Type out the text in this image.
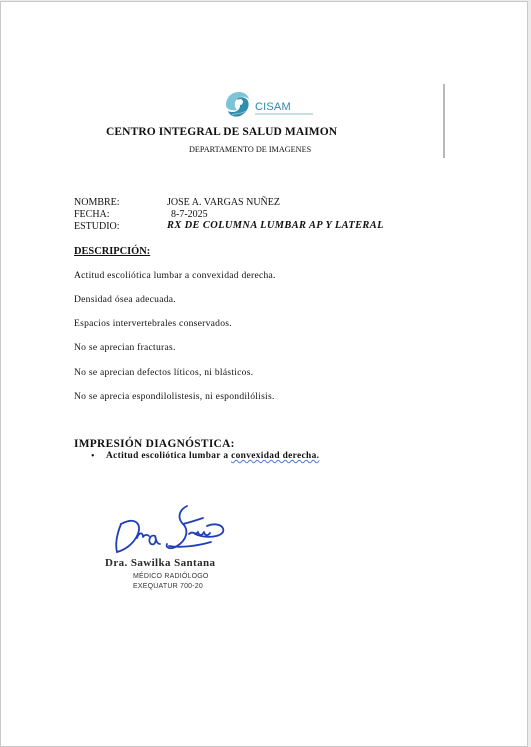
CISAM
CENTRO INTEGRAL DE SALUD MAIMON
DEPARTAMENTO DE IMAGENES
NOMBRE:	JOSE A. VARGAS NUÑEZ
FECHA:	8-7-2025
ESTUDIO:	RX DE COLUMNA LUMBAR AP Y LATERAL
DESCRIPCIÓN:
Actitud escoliótica lumbar a convexidad derecha.
Densidad ósea adecuada.
Espacios intervertebrales conservados.
No se aprecian fracturas.
No se aprecian defectos líticos, ni blásticos.
No se aprecia espondilolistesis, ni espondilólisis.
IMPRESIÓN DIAGNÓSTICA:
• Actitud escoliótica lumbar a convexidad derecha.
Dra. Sawilka Santana
MÉDICO RADIÓLOGO
EXEQUATUR 700-20
